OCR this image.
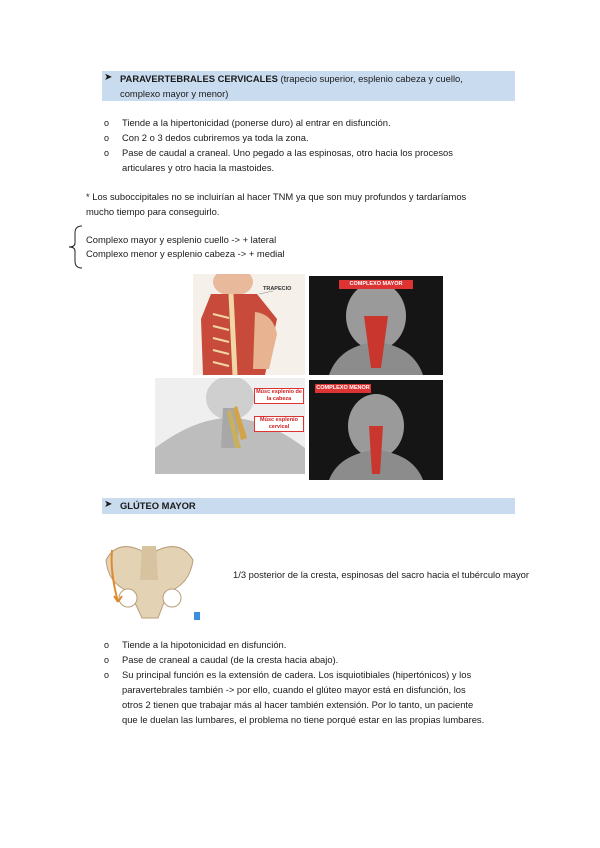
➤ PARAVERTEBRALES CERVICALES (trapecio superior, esplenio cabeza y cuello,
complexo mayor y menor)
o Tiende a la hipertonicidad (ponerse duro) al entrar en disfunción.
o Con 2 o 3 dedos cubriremos ya toda la zona.
o Pase de caudal a craneal. Uno pegado a las espinosas, otro hacia los procesos
articulares y otro hacia la mastoides.
* Los suboccipitales no se incluirían al hacer TNM ya que son muy profundos y tardaríamos
mucho tiempo para conseguirlo.
Complexo mayor y esplenio cuello -> + lateral
Complexo menor y esplenio cabeza -> + medial
TRAPECIO
COMPLEXO MAYOR
Músc esplenio de la cabeza
Músc esplenio cervical
COMPLEXO MENOR
➤ GLÚTEO MAYOR
1/3 posterior de la cresta, espinosas del sacro hacia el tubérculo mayor
o Tiende a la hipotonicidad en disfunción.
o Pase de craneal a caudal (de la cresta hacia abajo).
o Su principal función es la extensión de cadera. Los isquiotibiales (hipertónicos) y los
paravertebrales también -> por ello, cuando el glúteo mayor está en disfunción, los
otros 2 tienen que trabajar más al hacer también extensión. Por lo tanto, un paciente
que le duelan las lumbares, el problema no tiene porqué estar en las propias lumbares.
